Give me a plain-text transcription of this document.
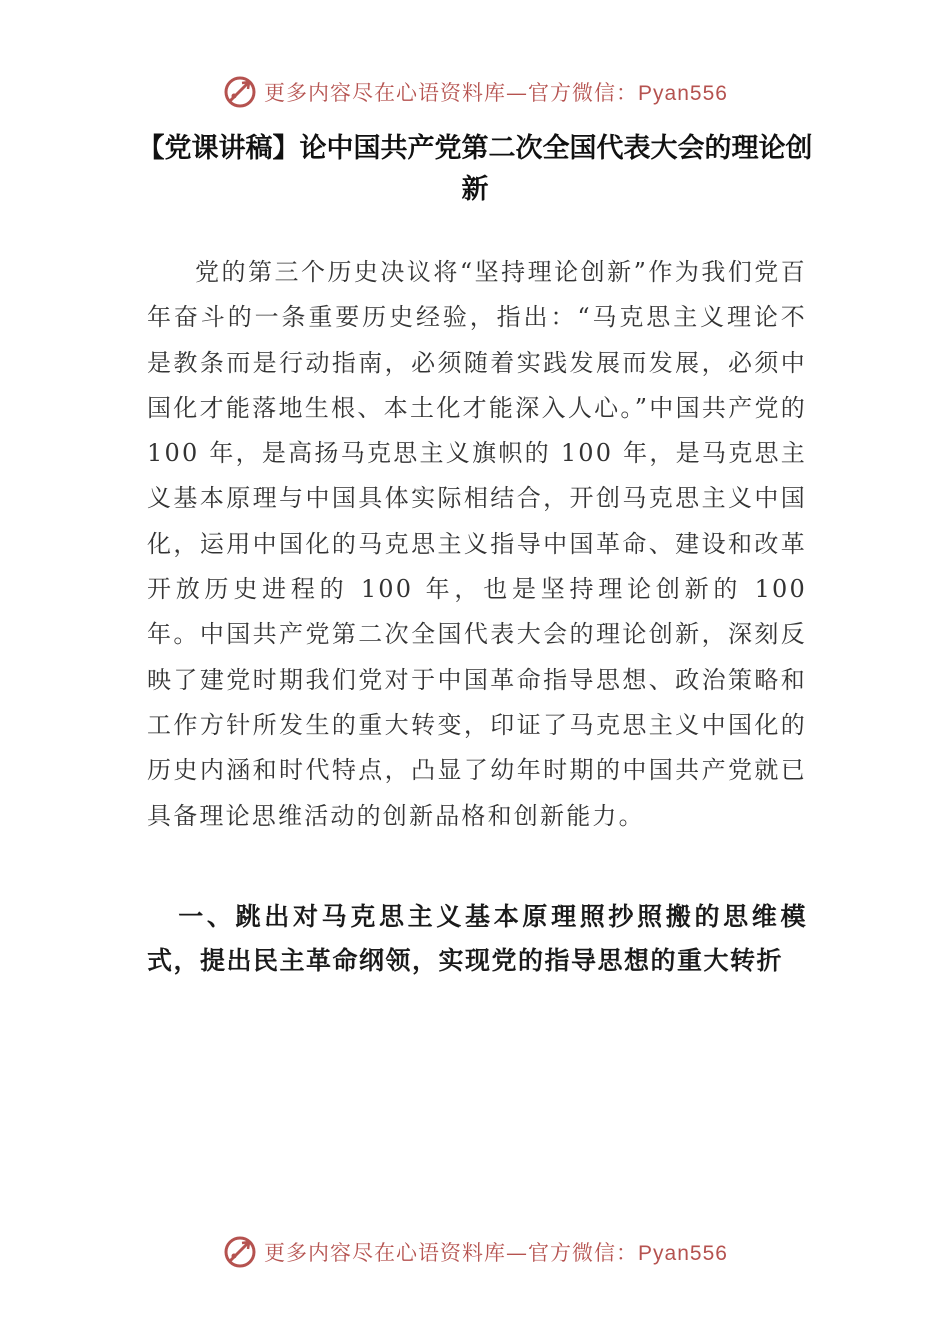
更多内容尽在心语资料库—官方微信：Pyan556
【党课讲稿】论中国共产党第二次全国代表大会的理论创新

党的第三个历史决议将“坚持理论创新”作为我们党百年奋斗的一条重要历史经验，指出：“马克思主义理论不是教条而是行动指南，必须随着实践发展而发展，必须中国化才能落地生根、本土化才能深入人心。”中国共产党的 100 年，是高扬马克思主义旗帜的 100 年，是马克思主义基本原理与中国具体实际相结合，开创马克思主义中国化，运用中国化的马克思主义指导中国革命、建设和改革开放历史进程的 100 年，也是坚持理论创新的 100 年。中国共产党第二次全国代表大会的理论创新，深刻反映了建党时期我们党对于中国革命指导思想、政治策略和工作方针所发生的重大转变，印证了马克思主义中国化的历史内涵和时代特点，凸显了幼年时期的中国共产党就已具备理论思维活动的创新品格和创新能力。

一、跳出对马克思主义基本原理照抄照搬的思维模式，提出民主革命纲领，实现党的指导思想的重大转折

更多内容尽在心语资料库—官方微信：Pyan556
